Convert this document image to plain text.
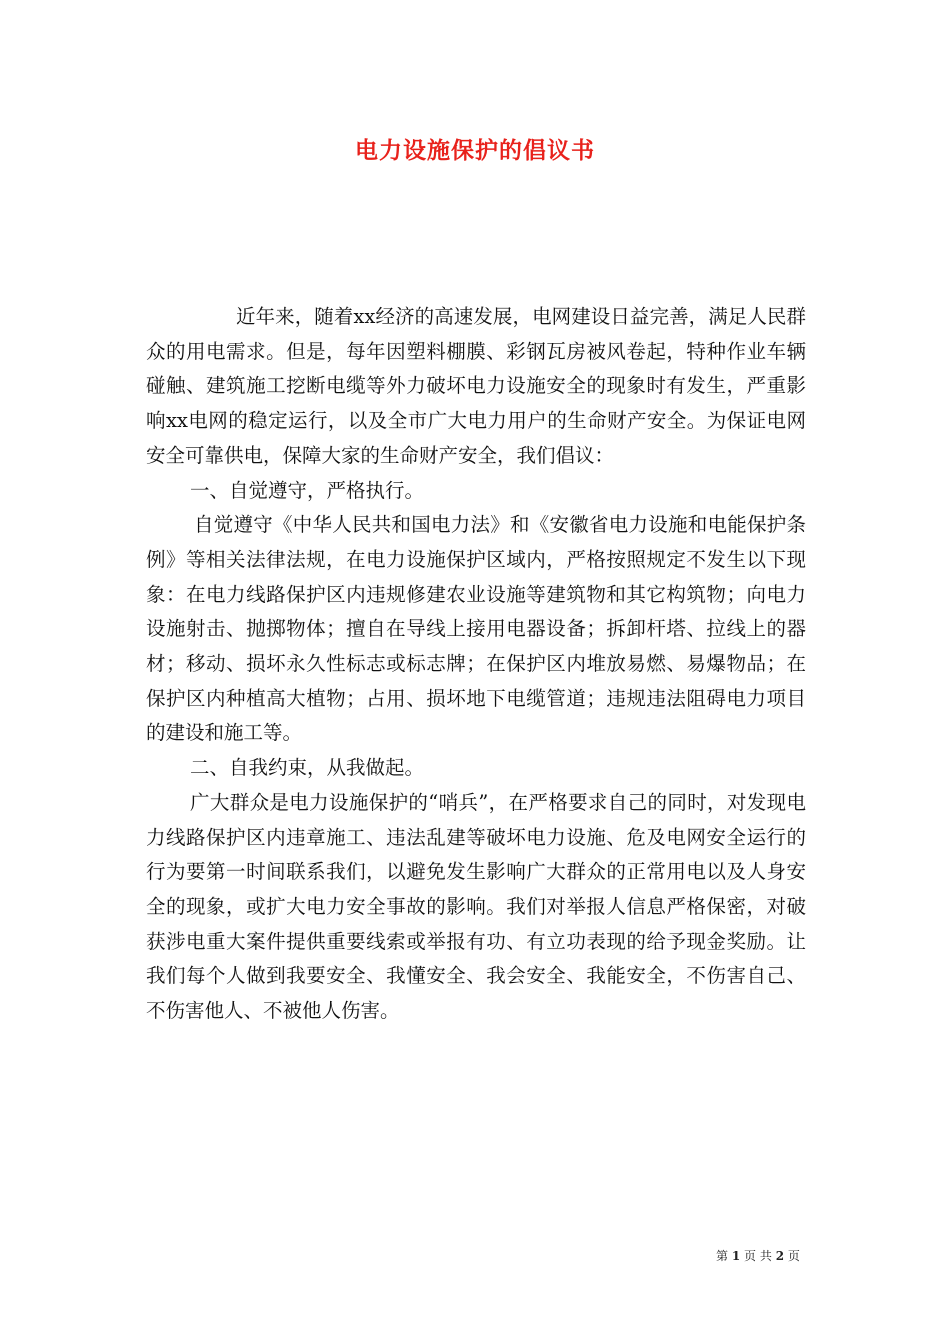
电力设施保护的倡议书

近年来，随着xx经济的高速发展，电网建设日益完善，满足人民群众的用电需求。但是，每年因塑料棚膜、彩钢瓦房被风卷起，特种作业车辆碰触、建筑施工挖断电缆等外力破坏电力设施安全的现象时有发生，严重影响xx电网的稳定运行，以及全市广大电力用户的生命财产安全。为保证电网安全可靠供电，保障大家的生命财产安全，我们倡议：

一、自觉遵守，严格执行。

自觉遵守《中华人民共和国电力法》和《安徽省电力设施和电能保护条例》等相关法律法规，在电力设施保护区域内，严格按照规定不发生以下现象：在电力线路保护区内违规修建农业设施等建筑物和其它构筑物；向电力设施射击、抛掷物体；擅自在导线上接用电器设备；拆卸杆塔、拉线上的器材；移动、损坏永久性标志或标志牌；在保护区内堆放易燃、易爆物品；在保护区内种植高大植物；占用、损坏地下电缆管道；违规违法阻碍电力项目的建设和施工等。

二、自我约束，从我做起。

广大群众是电力设施保护的“哨兵”，在严格要求自己的同时，对发现电力线路保护区内违章施工、违法乱建等破坏电力设施、危及电网安全运行的行为要第一时间联系我们，以避免发生影响广大群众的正常用电以及人身安全的现象，或扩大电力安全事故的影响。我们对举报人信息严格保密，对破获涉电重大案件提供重要线索或举报有功、有立功表现的给予现金奖励。让我们每个人做到我要安全、我懂安全、我会安全、我能安全，不伤害自己、不伤害他人、不被他人伤害。

第 1 页 共 2 页
